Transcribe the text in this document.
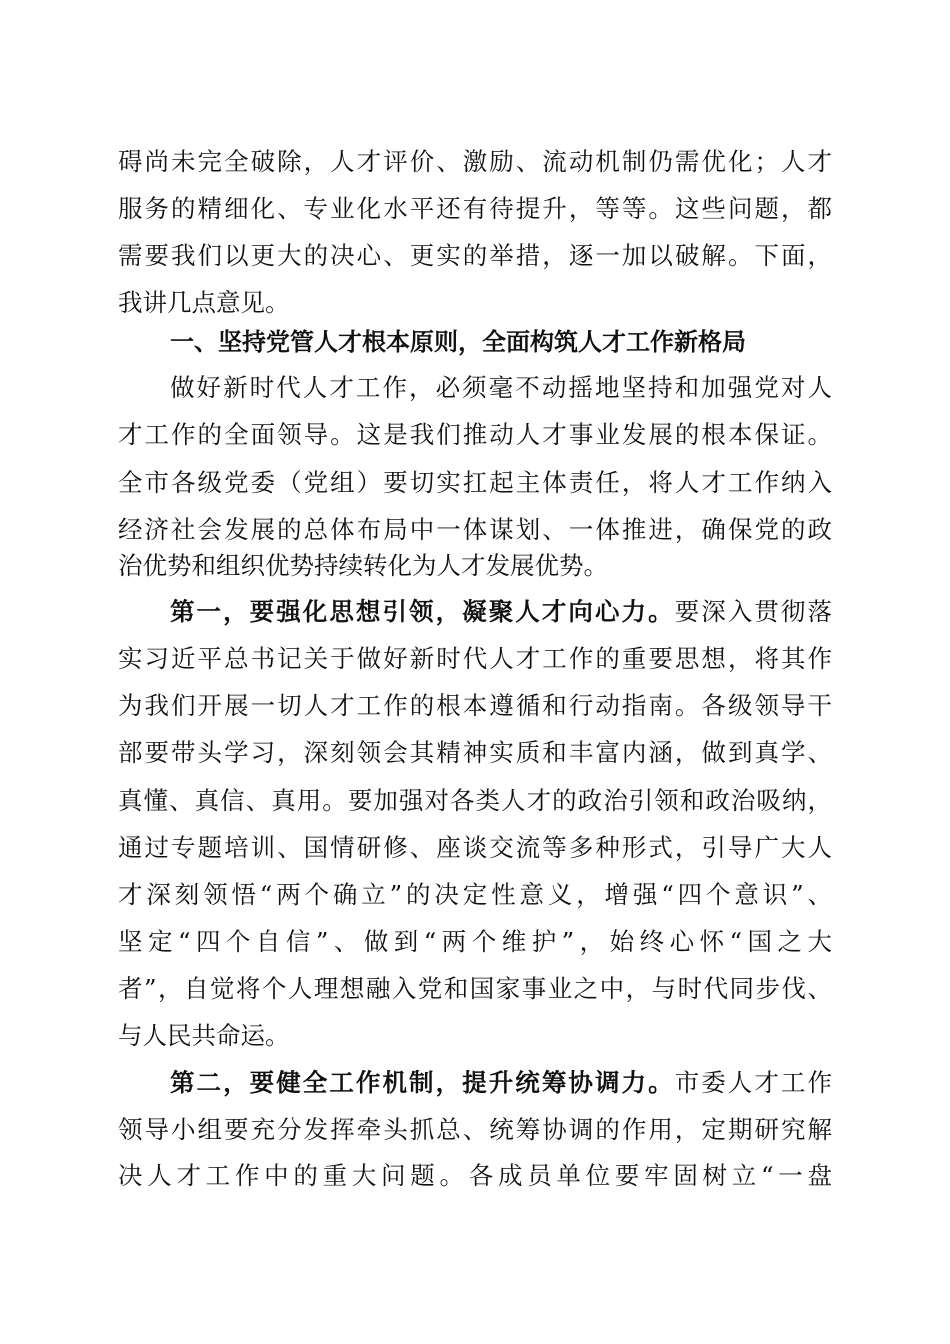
碍尚未完全破除，人才评价、激励、流动机制仍需优化；人才
服务的精细化、专业化水平还有待提升，等等。这些问题，都
需要我们以更大的决心、更实的举措，逐一加以破解。下面，
我讲几点意见。
一、坚持党管人才根本原则，全面构筑人才工作新格局
做好新时代人才工作，必须毫不动摇地坚持和加强党对人
才工作的全面领导。这是我们推动人才事业发展的根本保证。
全市各级党委（党组）要切实扛起主体责任，将人才工作纳入
经济社会发展的总体布局中一体谋划、一体推进，确保党的政
治优势和组织优势持续转化为人才发展优势。
第一，要强化思想引领，凝聚人才向心力。要深入贯彻落
实习近平总书记关于做好新时代人才工作的重要思想，将其作
为我们开展一切人才工作的根本遵循和行动指南。各级领导干
部要带头学习，深刻领会其精神实质和丰富内涵，做到真学、
真懂、真信、真用。要加强对各类人才的政治引领和政治吸纳，
通过专题培训、国情研修、座谈交流等多种形式，引导广大人
才深刻领悟“两个确立”的决定性意义，增强“四个意识”、
坚定“四个自信”、做到“两个维护”，始终心怀“国之大
者”，自觉将个人理想融入党和国家事业之中，与时代同步伐、
与人民共命运。
第二，要健全工作机制，提升统筹协调力。市委人才工作
领导小组要充分发挥牵头抓总、统筹协调的作用，定期研究解
决人才工作中的重大问题。各成员单位要牢固树立“一盘
